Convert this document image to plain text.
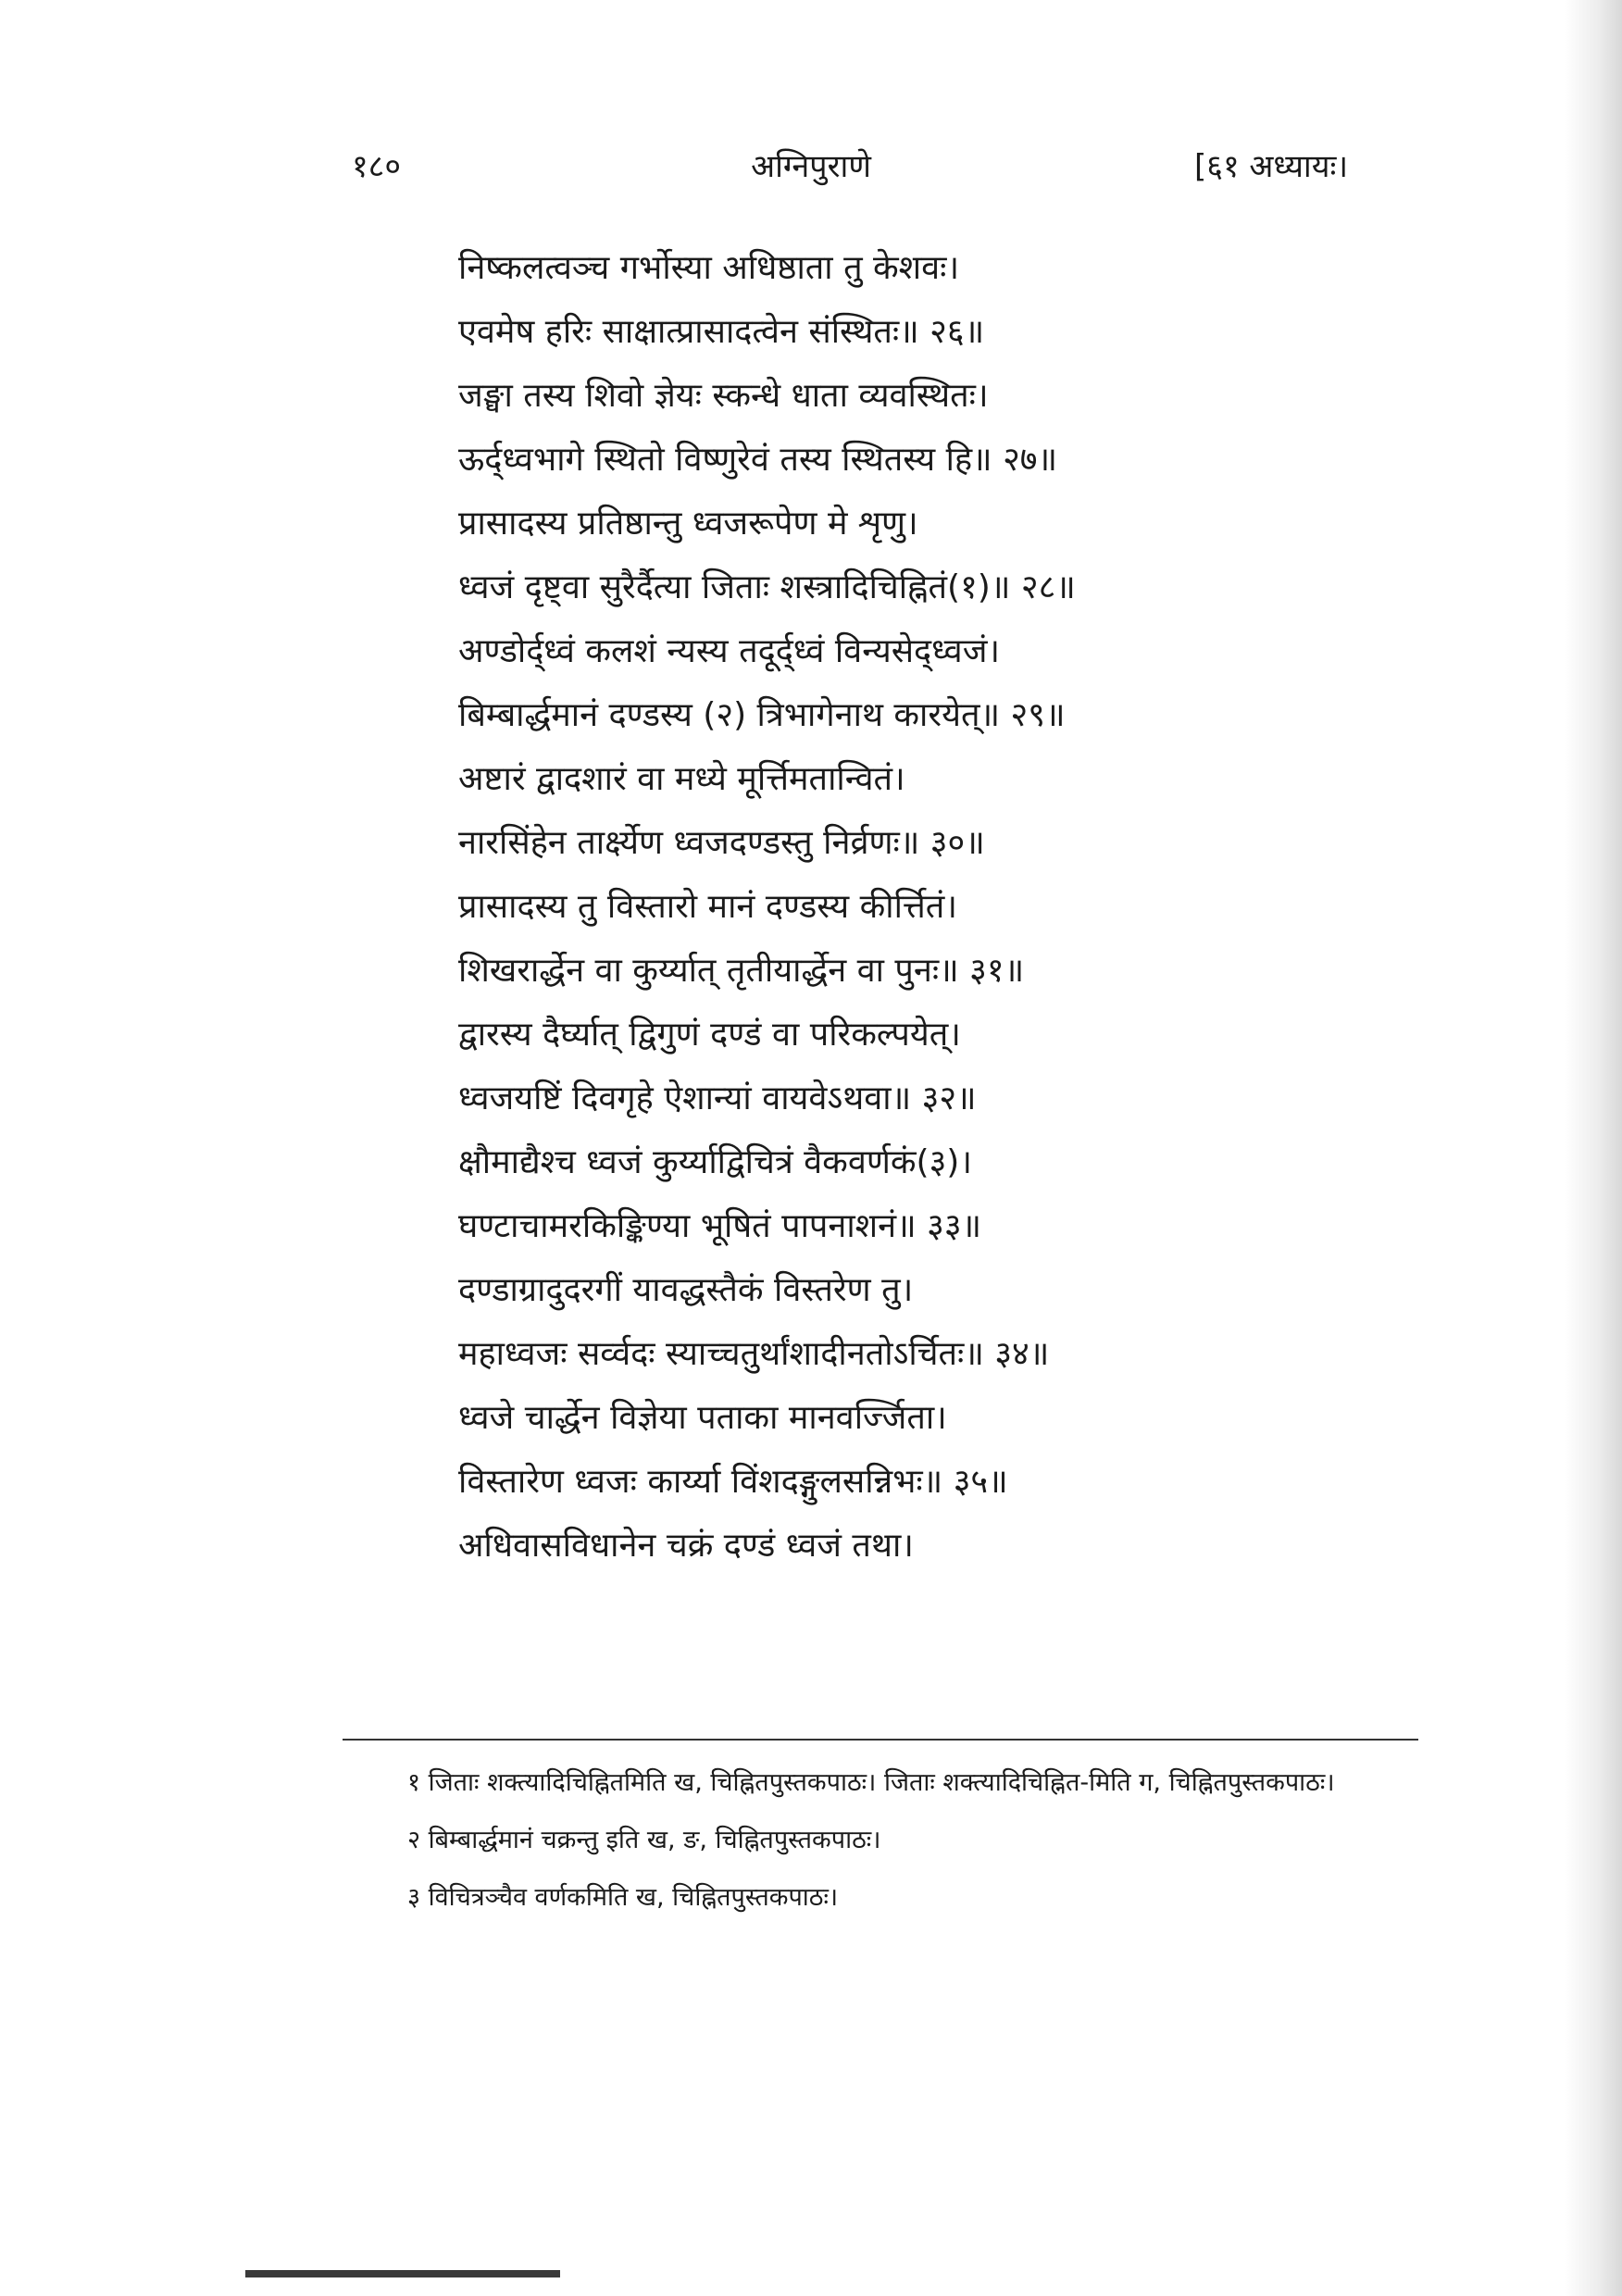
१८०	अग्निपुराणे	[६१ अध्यायः।
निष्कलत्वञ्च गर्भोस्या अधिष्ठाता तु केशवः।
एवमेष हरिः साक्षात्प्रासादत्वेन संस्थितः॥ २६॥
जङ्घा तस्य शिवो ज्ञेयः स्कन्धे धाता व्यवस्थितः।
ऊर्द्ध्वभागे स्थितो विष्णुरेवं तस्य स्थितस्य हि॥ २७॥
प्रासादस्य प्रतिष्ठान्तु ध्वजरूपेण मे शृणु।
ध्वजं दृष्ट्वा सुरैर्दैत्या जिताः शस्त्रादिचिह्नितं(१)॥ २८॥
अण्डोर्द्ध्वं कलशं न्यस्य तदूर्द्ध्वं विन्यसेद्ध्वजं।
बिम्बार्द्धमानं दण्डस्य (२) त्रिभागेनाथ कारयेत्॥ २९॥
अष्टारं द्वादशारं वा मध्ये मूर्त्तिमतान्वितं।
नारसिंहेन तार्क्ष्येण ध्वजदण्डस्तु निर्व्रणः॥ ३०॥
प्रासादस्य तु विस्तारो मानं दण्डस्य कीर्त्तितं।
शिखरार्द्धेन वा कुर्य्यात् तृतीयार्द्धेन वा पुनः॥ ३१॥
द्वारस्य दैर्घ्यात् द्विगुणं दण्डं वा परिकल्पयेत्।
ध्वजयष्टिं दिवगृहे ऐशान्यां वायवेऽथवा॥ ३२॥
क्षौमाद्यैश्च ध्वजं कुर्य्याद्विचित्रं वैकवर्णकं(३)।
घण्टाचामरकिङ्किण्या भूषितं पापनाशनं॥ ३३॥
दण्डाग्रादुदरगीं यावद्धस्तैकं विस्तरेण तु।
महाध्वजः सर्व्वदः स्याच्चतुर्थांशादीनतोऽर्चितः॥ ३४॥
ध्वजे चार्द्धेन विज्ञेया पताका मानवर्ज्जिता।
विस्तारेण ध्वजः कार्य्या विंशदङ्गुलसन्निभः॥ ३५॥
अधिवासविधानेन चक्रं दण्डं ध्वजं तथा।

१ जिताः शक्त्यादिचिह्नितमिति ख, चिह्नितपुस्तकपाठः। जिताः शक्त्यादिचिह्नित-मिति ग, चिह्नितपुस्तकपाठः।

२ बिम्बार्द्धमानं चक्रन्तु इति ख, ङ, चिह्नितपुस्तकपाठः।

३ विचित्रञ्चैव वर्णकमिति ख, चिह्नितपुस्तकपाठः।
